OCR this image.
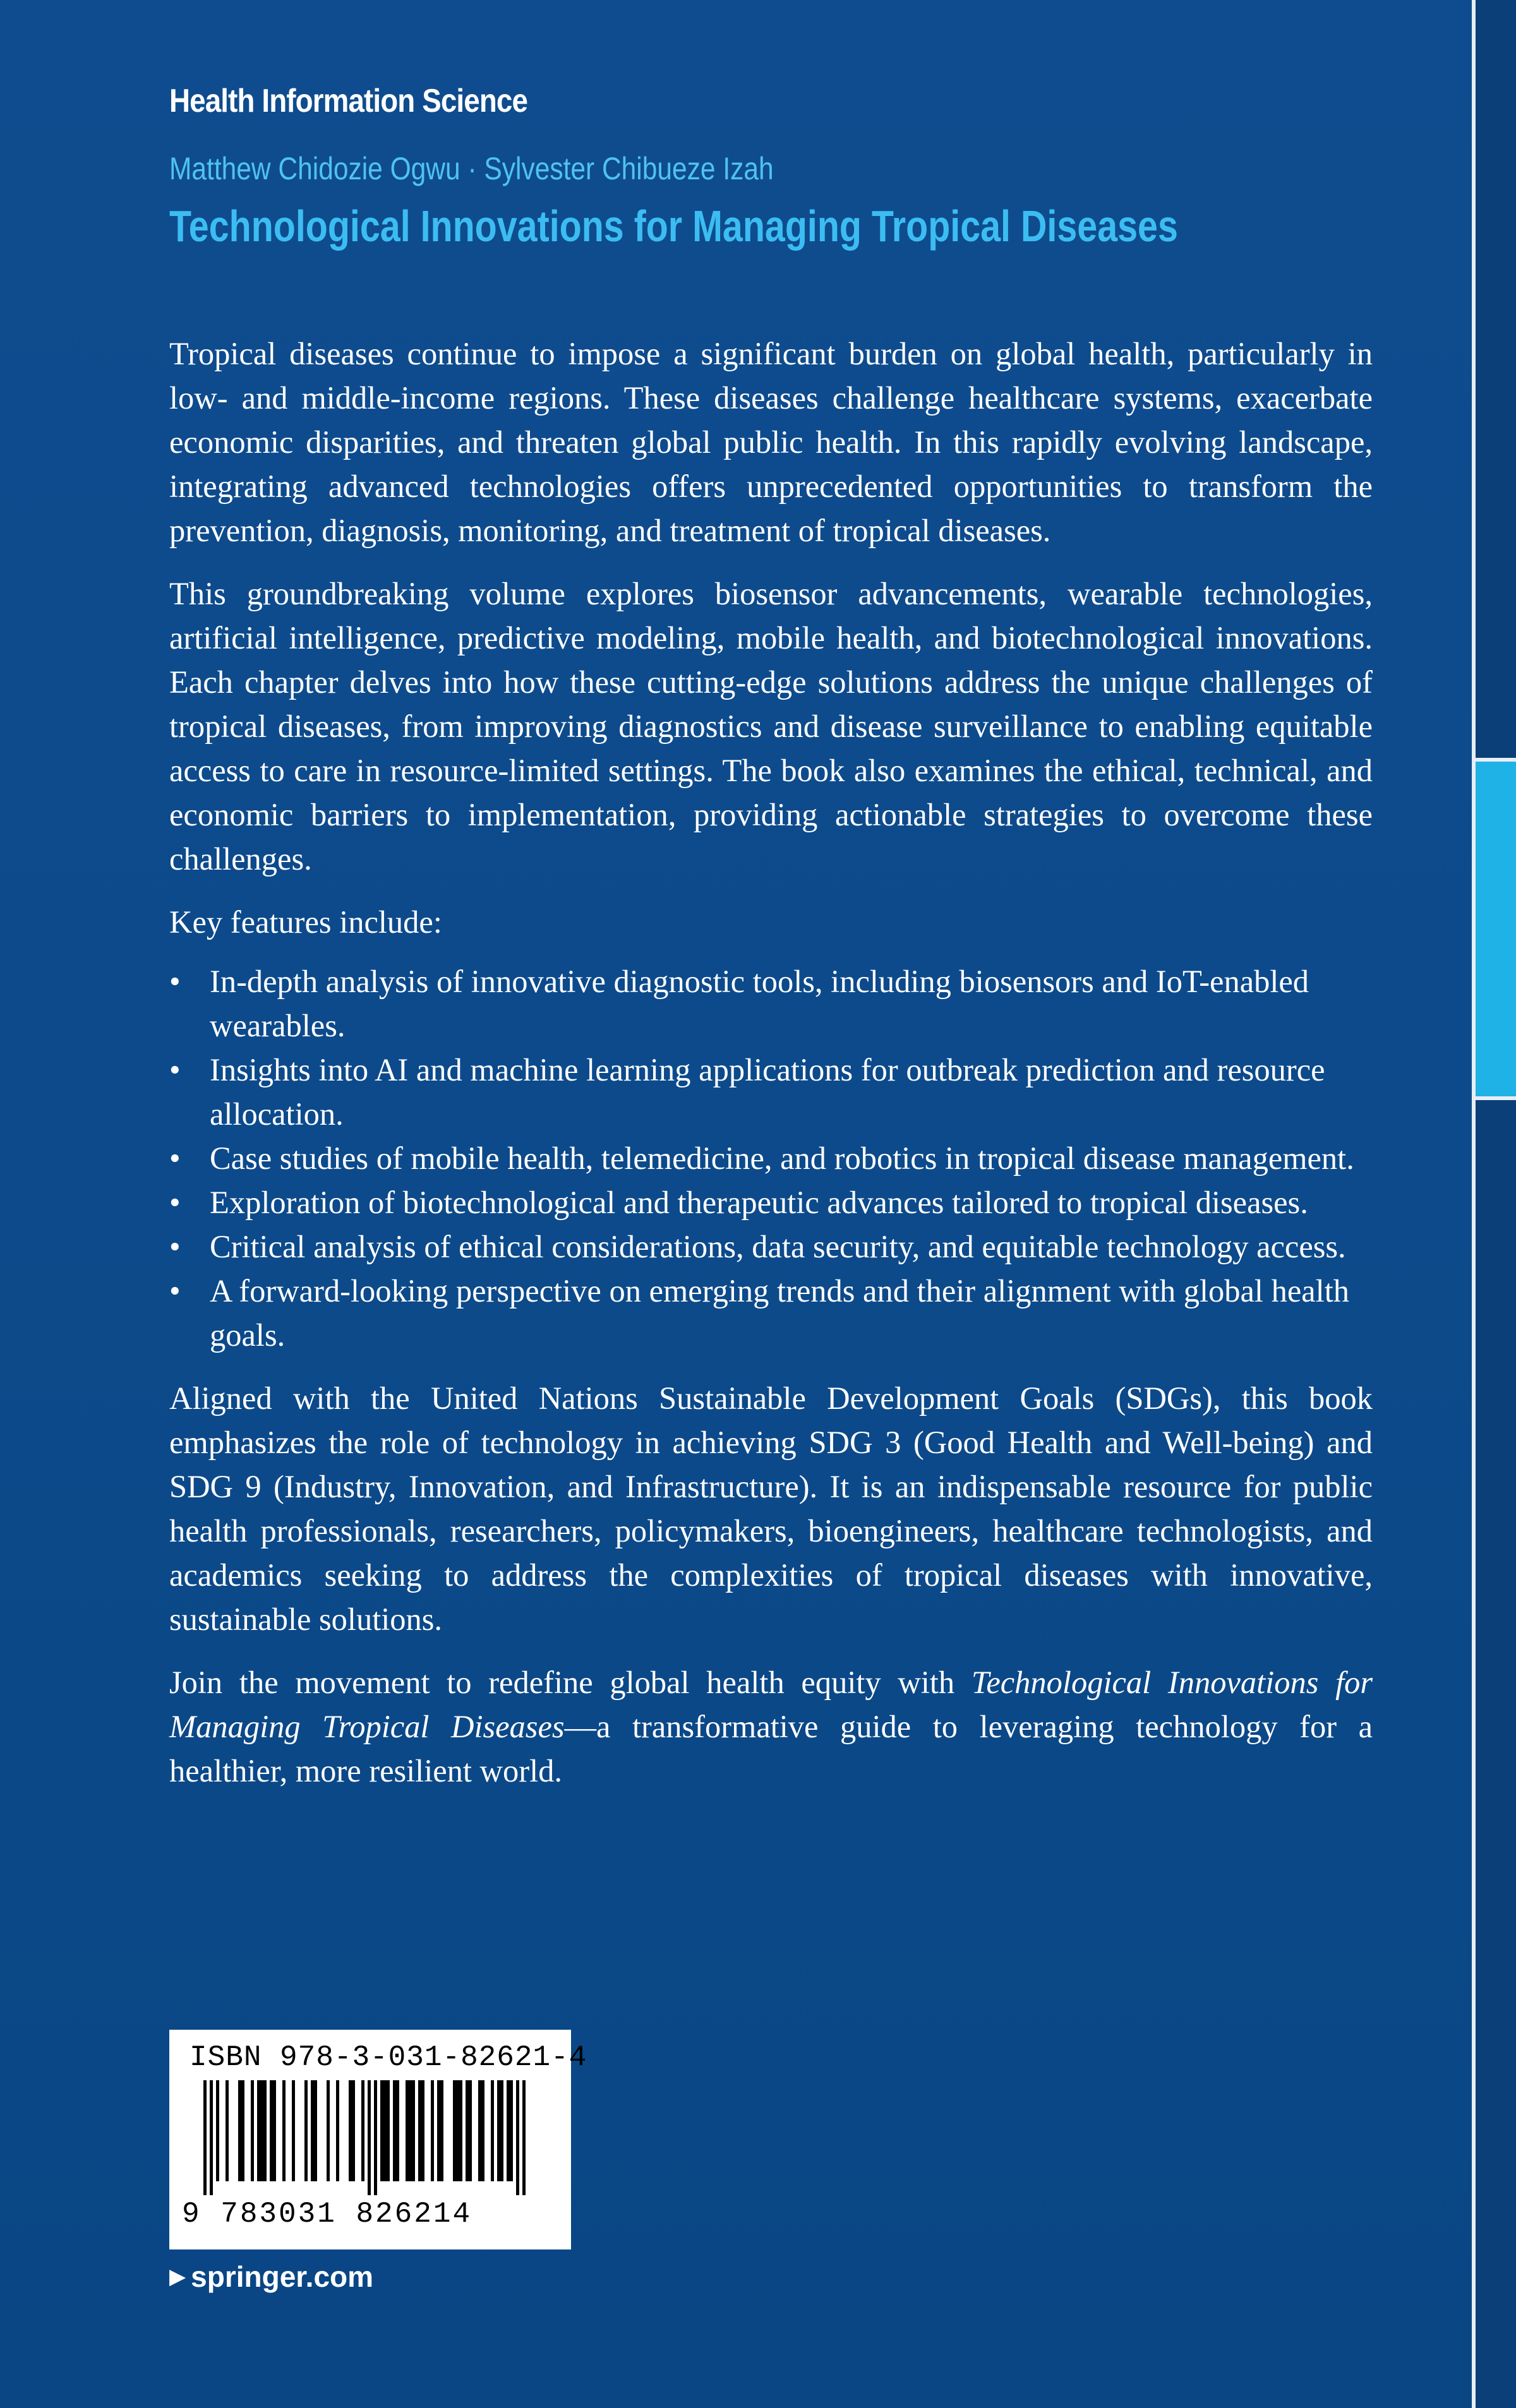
Health Information Science
Matthew Chidozie Ogwu · Sylvester Chibueze Izah
Technological Innovations for Managing Tropical Diseases

Tropical diseases continue to impose a significant burden on global health, particularly in low- and middle-income regions. These diseases challenge healthcare systems, exacerbate economic disparities, and threaten global public health. In this rapidly evolving landscape, integrating advanced technologies offers unprecedented opportunities to transform the prevention, diagnosis, monitoring, and treatment of tropical diseases.

This groundbreaking volume explores biosensor advancements, wearable technologies, artificial intelligence, predictive modeling, mobile health, and biotechnological innovations. Each chapter delves into how these cutting-edge solutions address the unique challenges of tropical diseases, from improving diagnostics and disease surveillance to enabling equitable access to care in resource-limited settings. The book also examines the ethical, technical, and economic barriers to implementation, providing actionable strategies to overcome these challenges.

Key features include:

• In-depth analysis of innovative diagnostic tools, including biosensors and IoT-enabled wearables.
• Insights into AI and machine learning applications for outbreak prediction and resource allocation.
• Case studies of mobile health, telemedicine, and robotics in tropical disease management.
• Exploration of biotechnological and therapeutic advances tailored to tropical diseases.
• Critical analysis of ethical considerations, data security, and equitable technology access.
• A forward-looking perspective on emerging trends and their alignment with global health goals.

Aligned with the United Nations Sustainable Development Goals (SDGs), this book emphasizes the role of technology in achieving SDG 3 (Good Health and Well-being) and SDG 9 (Industry, Innovation, and Infrastructure). It is an indispensable resource for public health professionals, researchers, policymakers, bioengineers, healthcare technologists, and academics seeking to address the complexities of tropical diseases with innovative, sustainable solutions.

Join the movement to redefine global health equity with Technological Innovations for Managing Tropical Diseases—a transformative guide to leveraging technology for a healthier, more resilient world.

ISBN 978-3-031-82621-4
9 783031 826214
▶ springer.com
